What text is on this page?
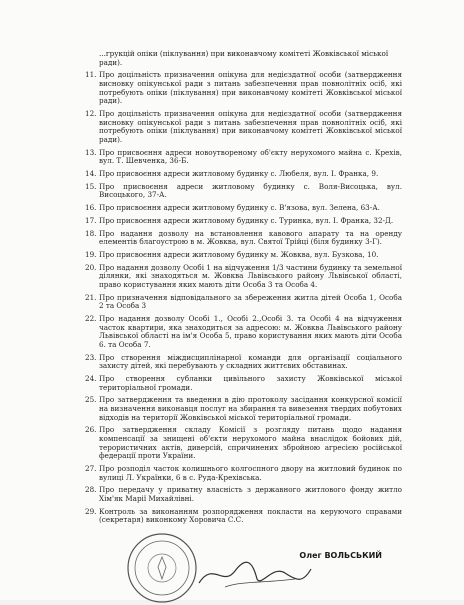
...грукцій опіки (піклування) при виконавчому комітеті Жовківської міської ради).
11. Про доцільність призначення опікуна для недієздатної особи (затвердження висновку опікунської ради з питань забезпечення прав повнолітніх осіб, які потребують опіки (піклування) при виконавчому комітеті Жовківської міської ради).
12. Про доцільність призначення опікуна для недієздатної особи (затвердження висновку опікунської ради з питань забезпечення прав повнолітніх осіб, які потребують опіки (піклування) при виконавчому комітеті Жовківської міської ради).
13. Про присвоєння адреси новоутвореному об'єкту нерухомого майна с. Крехів, вул. Т. Шевченка, 36-Б.
14. Про присвоєння адреси житловому будинку с. Любеля, вул. І. Франка, 9.
15. Про присвоєння адреси житловому будинку с. Воля-Висоцька, вул. Висоцького, 37-А.
16. Про присвоєння адреси житловому будинку с. В'язова, вул. Зелена, 63-А.
17. Про присвоєння адреси житловому будинку с. Туринка, вул. І. Франка, 32-Д.
18. Про надання дозволу на встановлення кавового апарату та на оренду елементів благоустрою в м. Жовква, вул. Святої Трійці (біля будинку 3-Г).
19. Про присвоєння адреси житловому будинку м. Жовква, вул. Бузкова, 10.
20. Про надання дозволу Особі 1 на відчуження 1/3 частини будинку та земельної ділянки, які знаходяться м. Жовква Львівського району Львівської області, право користування яких мають діти Особа 3 та Особа 4.
21. Про призначення відповідального за збереження житла дітей Особа 1, Особа 2 та Особа 3
22. Про надання дозволу Особі 1., Особі 2.,Особі 3. та Особі 4 на відчуження часток квартири, яка знаходиться за адресою: м. Жовква Львівського району Львівської області на ім'я Особа 5, право користування яких мають діти Особа 6. та Особа 7.
23. Про створення міждисциплінарної команди для організації соціального захисту дітей, які перебувають у складних життєвих обставинах.
24. Про створення субланки цивільного захисту Жовківської міської територіальної громади.
25. Про затвердження та введення в дію протоколу засідання конкурсної комісії на визначення виконавця послуг на збирання та вивезення твердих побутових відходів на території Жовківської міської територіальної громади.
26. Про затвердження складу Комісії з розгляду питань щодо надання компенсації за знищені об'єкти нерухомого майна внаслідок бойових дій, терористичних актів, диверсій, спричинених збройною агресією російської федерації проти України.
27. Про розподіл часток колишнього колгоспного двору на житловий будинок по вулиці Л. Українки, 6 в с. Руда-Крехівська.
28. Про передачу у приватну власність з державного житлового фонду житло Хім'як Марії Михайлівні.
29. Контроль за виконанням розпорядження покласти на керуючого справами (секретаря) виконкому Хоровича С.С.
Олег ВОЛЬСЬКИЙ
